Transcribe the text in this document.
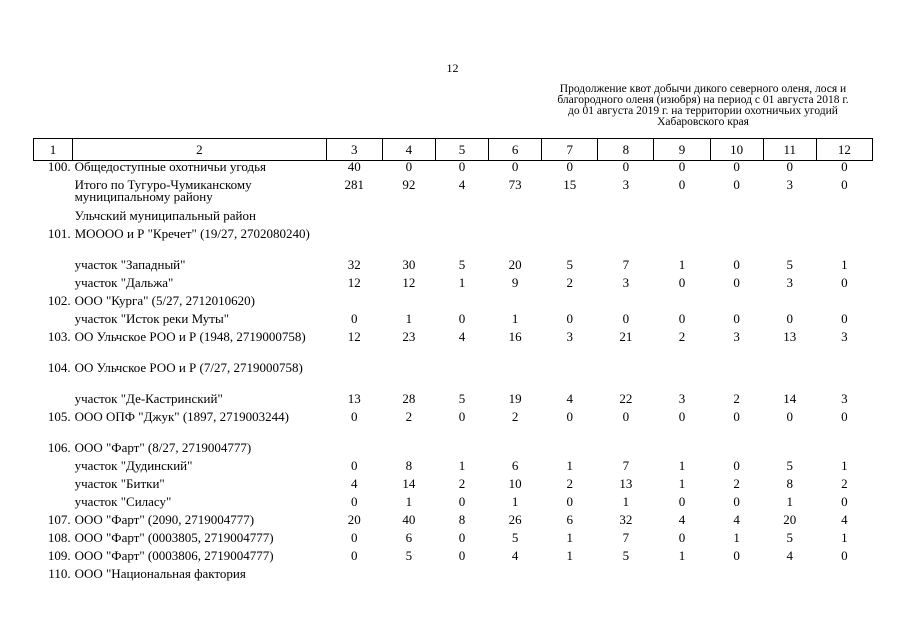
12
Продолжение квот добычи дикого северного оленя, лося и
благородного оленя (изюбря) на период с 01 августа 2018 г.
до 01 августа 2019 г. на территории охотничьих угодий
Хабаровского края
1	2	3	4	5	6	7	8	9	10	11	12
100.	Общедоступные охотничьи угодья	40	0	0	0	0	0	0	0	0	0
	Итого по Тугуро-Чумиканскому муниципальному району	281	92	4	73	15	3	0	0	3	0
	Ульчский муниципальный район										
101.	МОООО и Р "Кречет" (19/27, 2702080240)										
	участок "Западный"	32	30	5	20	5	7	1	0	5	1
	участок "Дальжа"	12	12	1	9	2	3	0	0	3	0
102.	ООО "Курга" (5/27, 2712010620)										
	участок "Исток реки Муты"	0	1	0	1	0	0	0	0	0	0
103.	ОО Ульчское РОО и Р (1948, 2719000758)	12	23	4	16	3	21	2	3	13	3
104.	ОО Ульчское РОО и Р (7/27, 2719000758)										
	участок "Де-Кастринский"	13	28	5	19	4	22	3	2	14	3
105.	ООО ОПФ "Джук" (1897, 2719003244)	0	2	0	2	0	0	0	0	0	0
106.	ООО "Фарт" (8/27, 2719004777)										
	участок "Дудинский"	0	8	1	6	1	7	1	0	5	1
	участок "Битки"	4	14	2	10	2	13	1	2	8	2
	участок "Силасу"	0	1	0	1	0	1	0	0	1	0
107.	ООО "Фарт" (2090, 2719004777)	20	40	8	26	6	32	4	4	20	4
108.	ООО "Фарт" (0003805, 2719004777)	0	6	0	5	1	7	0	1	5	1
109.	ООО "Фарт" (0003806, 2719004777)	0	5	0	4	1	5	1	0	4	0
110.	ООО "Национальная фактория										
